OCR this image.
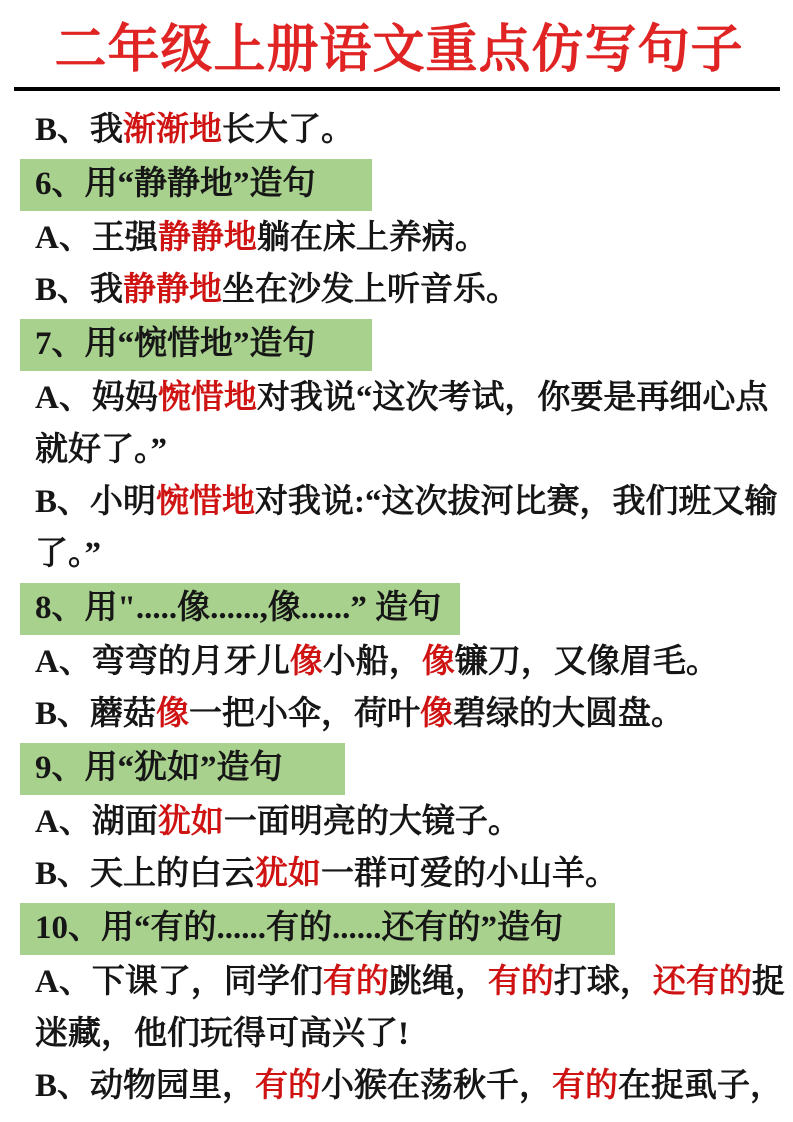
二年级上册语文重点仿写句子
B、我 渐渐地 长大了。
6、用“静静地”造句
A、王强 静静地 躺在床上养病。
B、我 静静地 坐在沙发上听音乐。
7、用“惋惜地”造句
A、妈妈 惋惜地 对我说“这次考试，你要是再细心点
就好了。”
B、小明 惋惜地 对我说:“这次拔河比赛，我们班又输
了。”
8、用".....像......,像......” 造句
A、弯弯的月牙儿 像 小船， 像 镰刀，又像眉毛。
B、蘑菇 像 一把小伞，荷叶 像 碧绿的大圆盘。
9、用“犹如”造句
A、湖面 犹如 一面明亮的大镜子。
B、天上的白云 犹如 一群可爱的小山羊。
10、用“有的......有的......还有的”造句
A、下课了，同学们 有的 跳绳， 有的 打球， 还有的 捉
迷藏，他们玩得可高兴了!
B、动物园里， 有的 小猴在荡秋千， 有的 在捉虱子，
